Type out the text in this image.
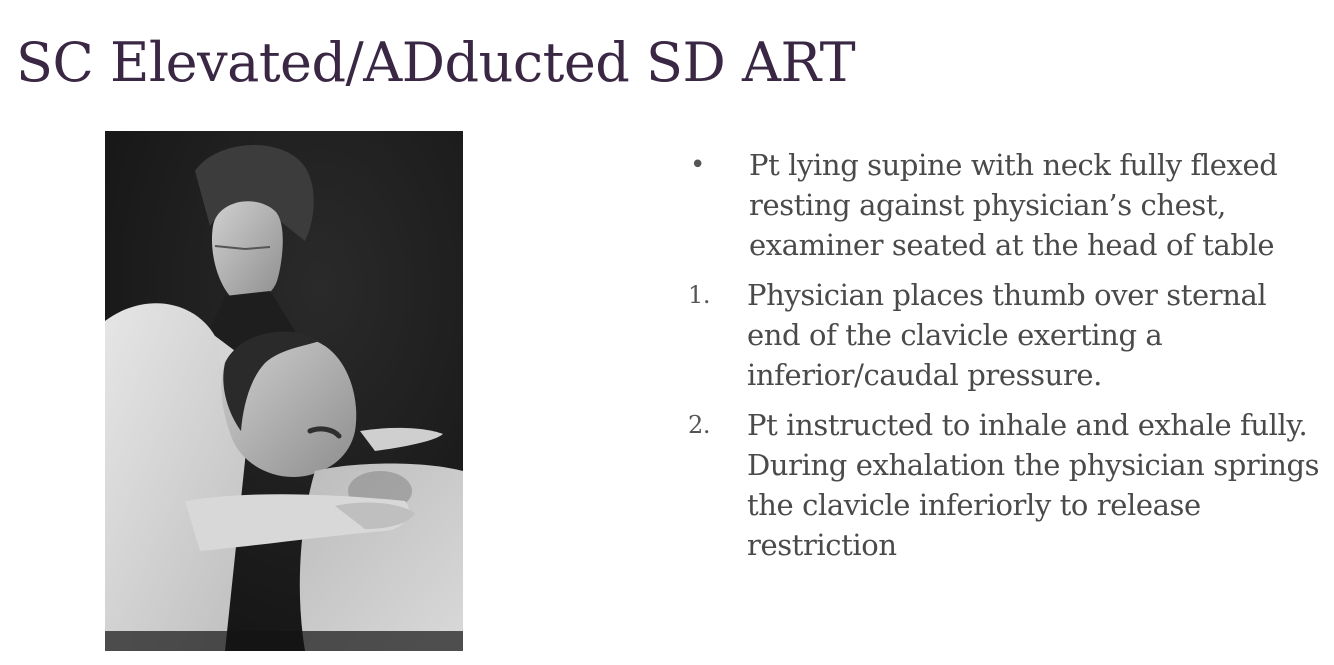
SC Elevated/ADducted SD ART
•	Pt lying supine with neck fully flexed resting against physician’s chest, examiner seated at the head of table
1.	Physician places thumb over sternal end of the clavicle exerting a inferior/caudal pressure.
2.	Pt instructed to inhale and exhale fully. During exhalation the physician springs the clavicle inferiorly to release restriction
